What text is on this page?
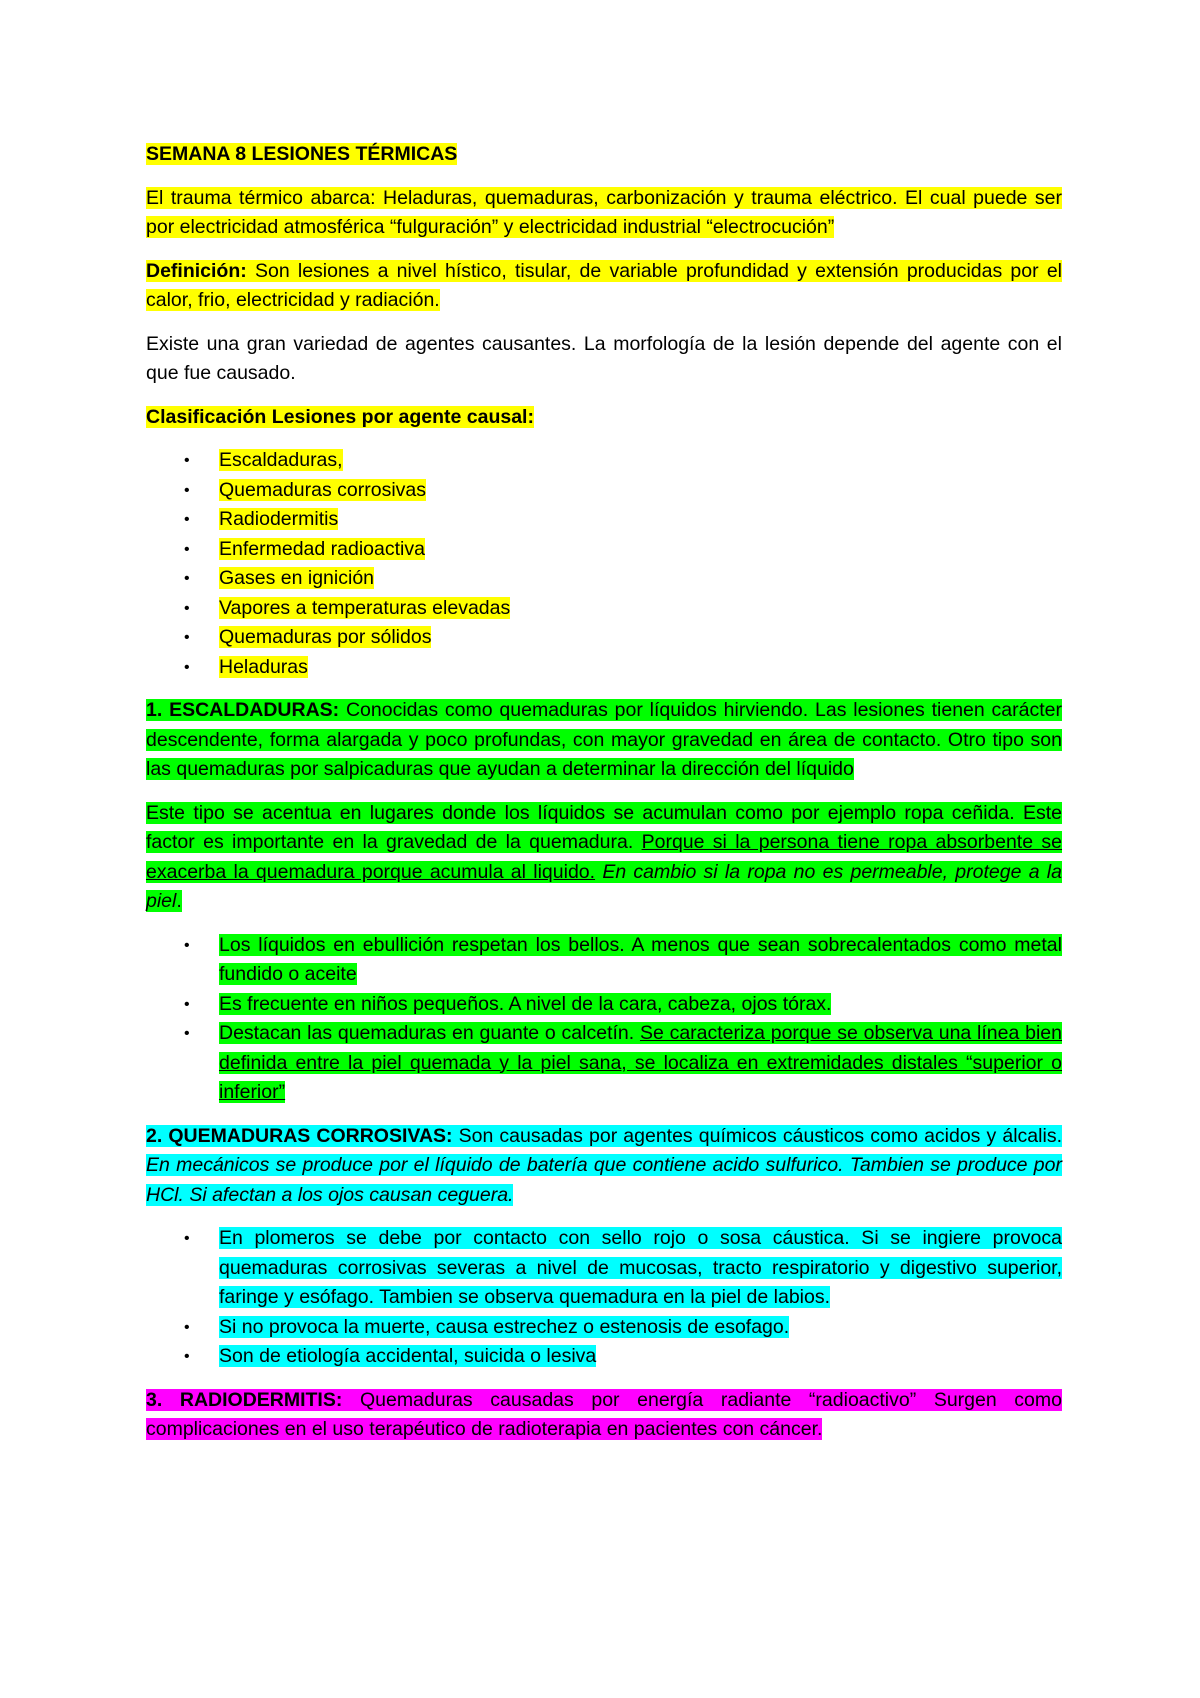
SEMANA 8 LESIONES TÉRMICAS

El trauma térmico abarca: Heladuras, quemaduras, carbonización y trauma eléctrico. El cual puede ser por electricidad atmosférica “fulguración” y electricidad industrial “electrocución”

Definición: Son lesiones a nivel hístico, tisular, de variable profundidad y extensión producidas por el calor, frio, electricidad y radiación.

Existe una gran variedad de agentes causantes. La morfología de la lesión depende del agente con el que fue causado.

Clasificación Lesiones por agente causal:

• Escaldaduras,
• Quemaduras corrosivas
• Radiodermitis
• Enfermedad radioactiva
• Gases en ignición
• Vapores a temperaturas elevadas
• Quemaduras por sólidos
• Heladuras

1. ESCALDADURAS: Conocidas como quemaduras por líquidos hirviendo. Las lesiones tienen carácter descendente, forma alargada y poco profundas, con mayor gravedad en área de contacto. Otro tipo son las quemaduras por salpicaduras que ayudan a determinar la dirección del líquido

Este tipo se acentua en lugares donde los líquidos se acumulan como por ejemplo ropa ceñida. Este factor es importante en la gravedad de la quemadura. Porque si la persona tiene ropa absorbente se exacerba la quemadura porque acumula al liquido. En cambio si la ropa no es permeable, protege a la piel.

• Los líquidos en ebullición respetan los bellos. A menos que sean sobrecalentados como metal fundido o aceite
• Es frecuente en niños pequeños. A nivel de la cara, cabeza, ojos tórax.
• Destacan las quemaduras en guante o calcetín. Se caracteriza porque se observa una línea bien definida entre la piel quemada y la piel sana, se localiza en extremidades distales “superior o inferior”

2. QUEMADURAS CORROSIVAS: Son causadas por agentes químicos cáusticos como acidos y álcalis. En mecánicos se produce por el líquido de batería que contiene acido sulfurico. Tambien se produce por HCl. Si afectan a los ojos causan ceguera.

• En plomeros se debe por contacto con sello rojo o sosa cáustica. Si se ingiere provoca quemaduras corrosivas severas a nivel de mucosas, tracto respiratorio y digestivo superior, faringe y esófago. Tambien se observa quemadura en la piel de labios.
• Si no provoca la muerte, causa estrechez o estenosis de esofago.
• Son de etiología accidental, suicida o lesiva

3. RADIODERMITIS: Quemaduras causadas por energía radiante “radioactivo” Surgen como complicaciones en el uso terapéutico de radioterapia en pacientes con cáncer.
